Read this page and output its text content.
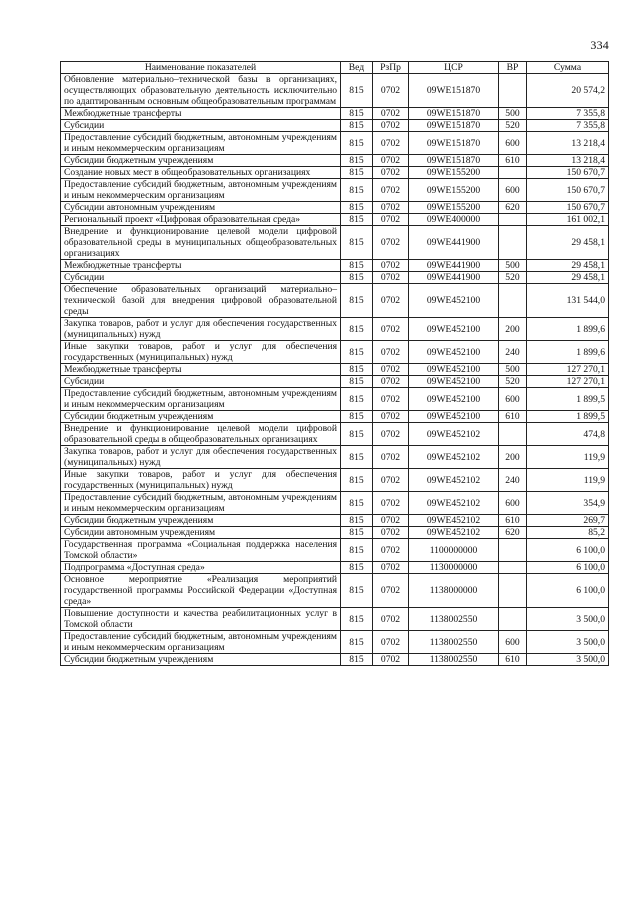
334
Наименование показателей	Вед	РзПр	ЦСР	ВР	Сумма
Обновление материально–технической базы в организациях, осуществляющих образовательную деятельность исключительно по адаптированным основным общеобразовательным программам	815	0702	09WE151870		20 574,2
Межбюджетные трансферты	815	0702	09WE151870	500	7 355,8
Субсидии	815	0702	09WE151870	520	7 355,8
Предоставление субсидий бюджетным, автономным учреждениям и иным некоммерческим организациям	815	0702	09WE151870	600	13 218,4
Субсидии бюджетным учреждениям	815	0702	09WE151870	610	13 218,4
Создание новых мест в общеобразовательных организациях	815	0702	09WE155200		150 670,7
Предоставление субсидий бюджетным, автономным учреждениям и иным некоммерческим организациям	815	0702	09WE155200	600	150 670,7
Субсидии автономным учреждениям	815	0702	09WE155200	620	150 670,7
Региональный проект «Цифровая образовательная среда»	815	0702	09WE400000		161 002,1
Внедрение и функционирование целевой модели цифровой образовательной среды в муниципальных общеобразовательных организациях	815	0702	09WE441900		29 458,1
Межбюджетные трансферты	815	0702	09WE441900	500	29 458,1
Субсидии	815	0702	09WE441900	520	29 458,1
Обеспечение образовательных организаций материально–технической базой для внедрения цифровой образовательной среды	815	0702	09WE452100		131 544,0
Закупка товаров, работ и услуг для обеспечения государственных (муниципальных) нужд	815	0702	09WE452100	200	1 899,6
Иные закупки товаров, работ и услуг для обеспечения государственных (муниципальных) нужд	815	0702	09WE452100	240	1 899,6
Межбюджетные трансферты	815	0702	09WE452100	500	127 270,1
Субсидии	815	0702	09WE452100	520	127 270,1
Предоставление субсидий бюджетным, автономным учреждениям и иным некоммерческим организациям	815	0702	09WE452100	600	1 899,5
Субсидии бюджетным учреждениям	815	0702	09WE452100	610	1 899,5
Внедрение и функционирование целевой модели цифровой образовательной среды в общеобразовательных организациях	815	0702	09WE452102		474,8
Закупка товаров, работ и услуг для обеспечения государственных (муниципальных) нужд	815	0702	09WE452102	200	119,9
Иные закупки товаров, работ и услуг для обеспечения государственных (муниципальных) нужд	815	0702	09WE452102	240	119,9
Предоставление субсидий бюджетным, автономным учреждениям и иным некоммерческим организациям	815	0702	09WE452102	600	354,9
Субсидии бюджетным учреждениям	815	0702	09WE452102	610	269,7
Субсидии автономным учреждениям	815	0702	09WE452102	620	85,2
Государственная программа «Социальная поддержка населения Томской области»	815	0702	1100000000		6 100,0
Подпрограмма «Доступная среда»	815	0702	1130000000		6 100,0
Основное мероприятие «Реализация мероприятий государственной программы Российской Федерации «Доступная среда»	815	0702	1138000000		6 100,0
Повышение доступности и качества реабилитационных услуг в Томской области	815	0702	1138002550		3 500,0
Предоставление субсидий бюджетным, автономным учреждениям и иным некоммерческим организациям	815	0702	1138002550	600	3 500,0
Субсидии бюджетным учреждениям	815	0702	1138002550	610	3 500,0
